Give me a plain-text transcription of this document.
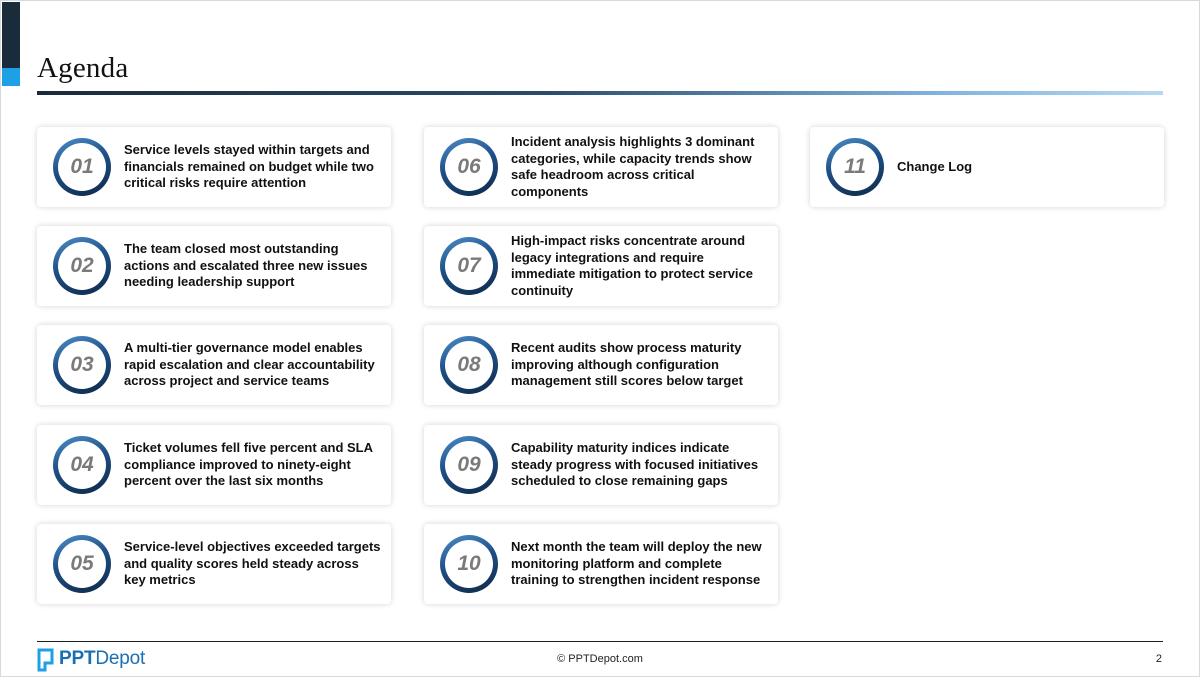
Agenda
01
Service levels stayed within targets and financials remained on budget while two critical risks require attention
02
The team closed most outstanding actions and escalated three new issues needing leadership support
03
A multi-tier governance model enables rapid escalation and clear accountability across project and service teams
04
Ticket volumes fell five percent and SLA compliance improved to ninety-eight percent over the last six months
05
Service-level objectives exceeded targets and quality scores held steady across key metrics
06
Incident analysis highlights 3 dominant categories, while capacity trends show safe headroom across critical components
07
High-impact risks concentrate around legacy integrations and require immediate mitigation to protect service continuity
08
Recent audits show process maturity improving although configuration management still scores below target
09
Capability maturity indices indicate steady progress with focused initiatives scheduled to close remaining gaps
10
Next month the team will deploy the new monitoring platform and complete training to strengthen incident response
11 Change Log
PPTDepot	© PPTDepot.com	2
